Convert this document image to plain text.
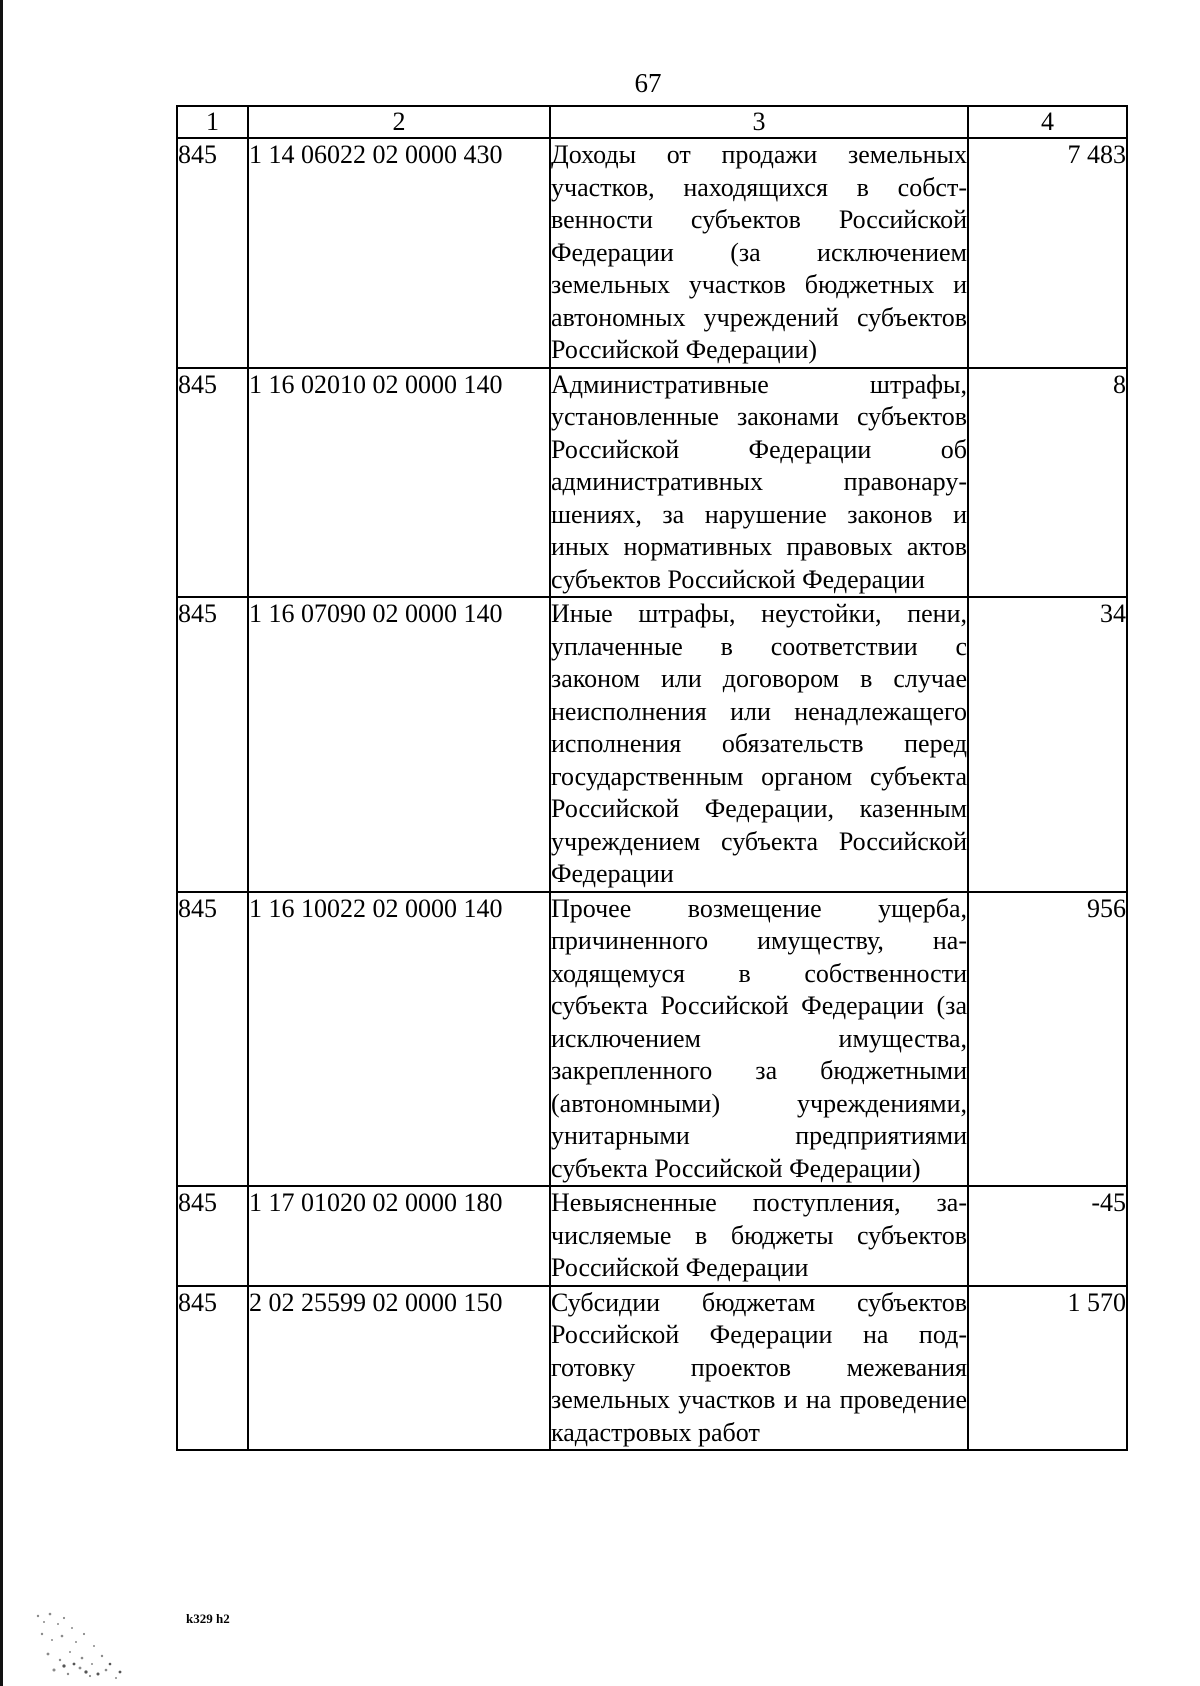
67
1	2	3	4
845	1 14 06022 02 0000 430	Доходы от продажи земельных участков, находящихся в собственности субъектов Российской Федерации (за исключением земельных участков бюджетных и автономных учреждений субъектов Российской Федерации)	7 483
845	1 16 02010 02 0000 140	Административные штрафы, установленные законами субъектов Российской Федерации об административных правонарушениях, за нарушение законов и иных нормативных правовых актов субъектов Российской Федерации	8
845	1 16 07090 02 0000 140	Иные штрафы, неустойки, пени, уплаченные в соответствии с законом или договором в случае неисполнения или ненадлежащего исполнения обязательств перед государственным органом субъекта Российской Федерации, казенным учреждением субъекта Российской Федерации	34
845	1 16 10022 02 0000 140	Прочее возмещение ущерба, причиненного имуществу, находящемуся в собственности субъекта Российской Федерации (за исключением имущества, закрепленного за бюджетными (автономными) учреждениями, унитарными предприятиями субъекта Российской Федерации)	956
845	1 17 01020 02 0000 180	Невыясненные поступления, зачисляемые в бюджеты субъектов Российской Федерации	-45
845	2 02 25599 02 0000 150	Субсидии бюджетам субъектов Российской Федерации на подготовку проектов межевания земельных участков и на проведение кадастровых работ	1 570
k329 h2
